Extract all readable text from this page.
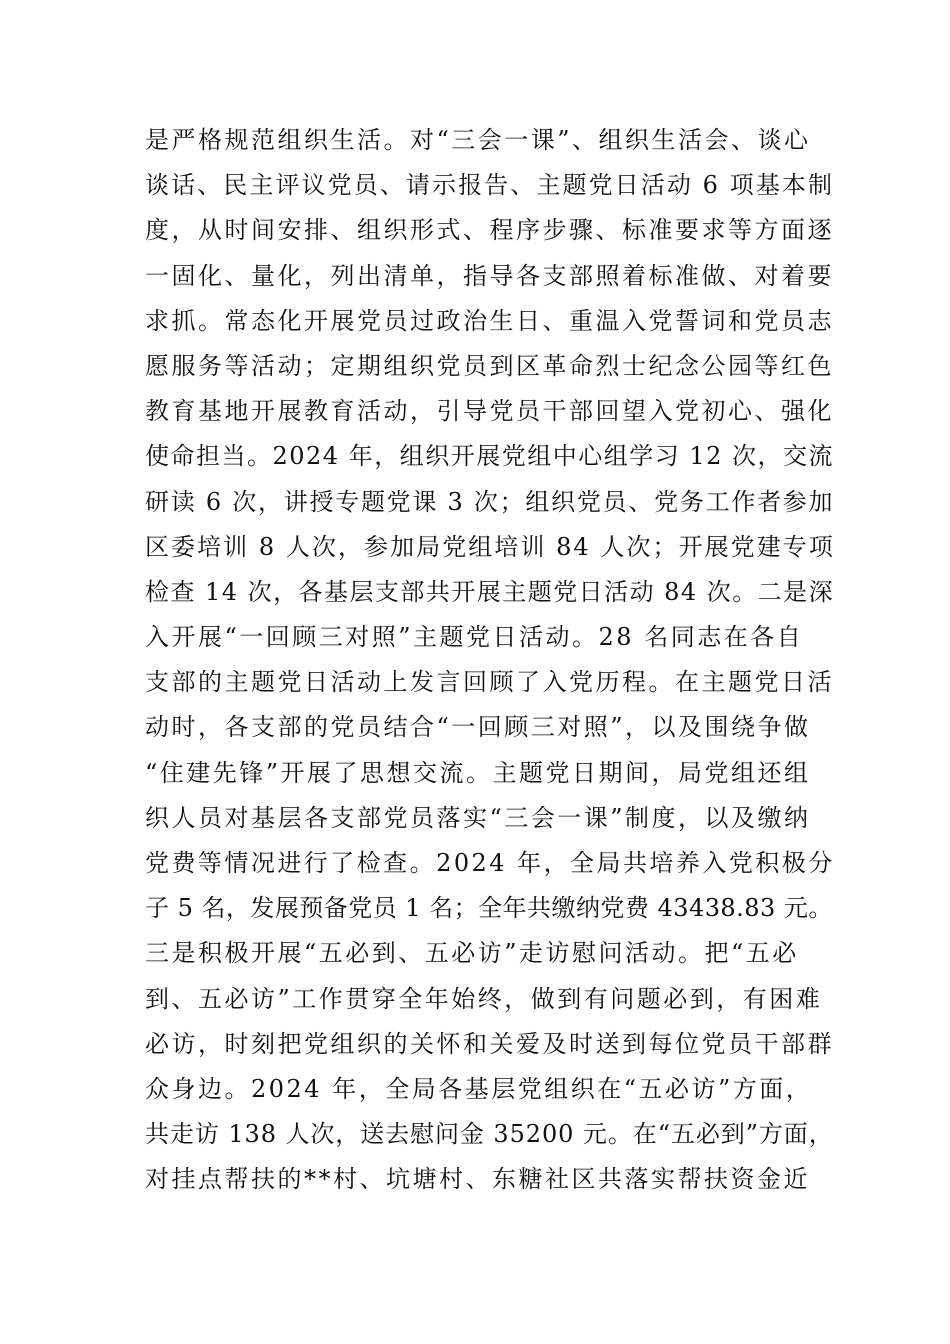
是严格规范组织生活。对“三会一课”、组织生活会、谈心
谈话、民主评议党员、请示报告、主题党日活动 6 项基本制
度，从时间安排、组织形式、程序步骤、标准要求等方面逐
一固化、量化，列出清单，指导各支部照着标准做、对着要
求抓。常态化开展党员过政治生日、重温入党誓词和党员志
愿服务等活动；定期组织党员到区革命烈士纪念公园等红色
教育基地开展教育活动，引导党员干部回望入党初心、强化
使命担当。2024 年，组织开展党组中心组学习 12 次，交流
研读 6 次，讲授专题党课 3 次；组织党员、党务工作者参加
区委培训 8 人次，参加局党组培训 84 人次；开展党建专项
检查 14 次，各基层支部共开展主题党日活动 84 次。二是深
入开展“一回顾三对照”主题党日活动。28 名同志在各自
支部的主题党日活动上发言回顾了入党历程。在主题党日活
动时，各支部的党员结合“一回顾三对照”，以及围绕争做
“住建先锋”开展了思想交流。主题党日期间，局党组还组
织人员对基层各支部党员落实“三会一课”制度，以及缴纳
党费等情况进行了检查。2024 年，全局共培养入党积极分
子 5 名，发展预备党员 1 名；全年共缴纳党费 43438.83 元。
三是积极开展“五必到、五必访”走访慰问活动。把“五必
到、五必访”工作贯穿全年始终，做到有问题必到，有困难
必访，时刻把党组织的关怀和关爱及时送到每位党员干部群
众身边。2024 年，全局各基层党组织在“五必访”方面，
共走访 138 人次，送去慰问金 35200 元。在“五必到”方面，
对挂点帮扶的**村、坑塘村、东糖社区共落实帮扶资金近
